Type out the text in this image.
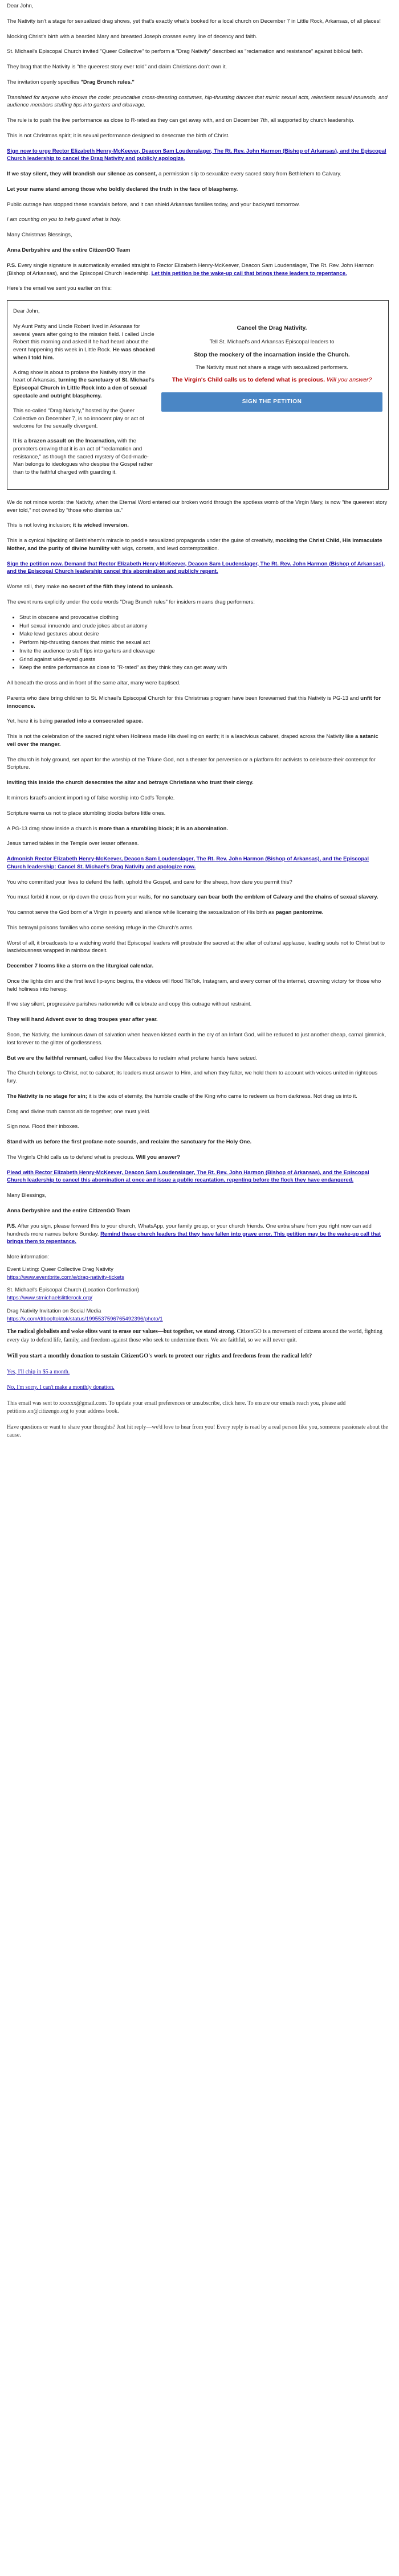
Dear John,

The Nativity isn't a stage for sexualized drag shows, yet that's exactly what's booked for a local church on December 7 in Little Rock, Arkansas, of all places!

Mocking Christ's birth with a bearded Mary and breasted Joseph crosses every line of decency and faith.

St. Michael's Episcopal Church invited "Queer Collective" to perform a "Drag Nativity" described as "reclamation and resistance" against biblical faith.

They brag that the Nativity is "the queerest story ever told" and claim Christians don't own it.

The invitation openly specifies "Drag Brunch rules."

Translated for anyone who knows the code: provocative cross-dressing costumes, hip-thrusting dances that mimic sexual acts, relentless sexual innuendo, and audience members stuffing tips into garters and cleavage.

The rule is to push the live performance as close to R-rated as they can get away with, and on December 7th, all supported by church leadership.

This is not Christmas spirit; it is sexual performance designed to desecrate the birth of Christ.

Sign now to urge Rector Elizabeth Henry-McKeever, Deacon Sam Loudenslager, The Rt. Rev. John Harmon (Bishop of Arkansas), and the Episcopal Church leadership to cancel the Drag Nativity and publicly apologize.

If we stay silent, they will brandish our silence as consent, a permission slip to sexualize every sacred story from Bethlehem to Calvary.

Let your name stand among those who boldly declared the truth in the face of blasphemy.

Public outrage has stopped these scandals before, and it can shield Arkansas families today, and your backyard tomorrow.

I am counting on you to help guard what is holy.

Many Christmas Blessings,

Anna Derbyshire and the entire CitizenGO Team

P.S. Every single signature is automatically emailed straight to Rector Elizabeth Henry-McKeever, Deacon Sam Loudenslager, The Rt. Rev. John Harmon (Bishop of Arkansas), and the Episcopal Church leadership. Let this petition be the wake-up call that brings these leaders to repentance.

Here's the email we sent you earlier on this:

Dear John,

My Aunt Patty and Uncle Robert lived in Arkansas for several years after going to the mission field. I called Uncle Robert this morning and asked if he had heard about the event happening this week in Little Rock. He was shocked when I told him.

A drag show is about to profane the Nativity story in the heart of Arkansas, turning the sanctuary of St. Michael's Episcopal Church in Little Rock into a den of sexual spectacle and outright blasphemy.

This so-called "Drag Nativity," hosted by the Queer Collective on December 7, is no innocent play or act of welcome for the sexually divergent.

It is a brazen assault on the Incarnation, with the promoters crowing that it is an act of "reclamation and resistance," as though the sacred mystery of God-made-Man belongs to ideologues who despise the Gospel rather than to the faithful charged with guarding it.

Cancel the Drag Nativity.
Tell St. Michael's and Arkansas Episcopal leaders to
Stop the mockery of the incarnation inside the Church.
The Nativity must not share a stage with sexualized performers.
The Virgin's Child calls us to defend what is precious. Will you answer?
SIGN THE PETITION

We do not mince words: the Nativity, when the Eternal Word entered our broken world through the spotless womb of the Virgin Mary, is now "the queerest story ever told," not owned by "those who dismiss us."

This is not loving inclusion; it is wicked inversion.

This is a cynical hijacking of Bethlehem's miracle to peddle sexualized propaganda under the guise of creativity, mocking the Christ Child, His Immaculate Mother, and the purity of divine humility with wigs, corsets, and lewd contemptosition.

Sign the petition now. Demand that Rector Elizabeth Henry-McKeever, Deacon Sam Loudenslager, The Rt. Rev. John Harmon (Bishop of Arkansas), and the Episcopal Church leadership cancel this abomination and publicly repent.

Worse still, they make no secret of the filth they intend to unleash.

The event runs explicitly under the code words "Drag Brunch rules" for insiders means drag performers:

• Strut in obscene and provocative clothing
• Hurl sexual innuendo and crude jokes about anatomy
• Make lewd gestures about desire
• Perform hip-thrusting dances that mimic the sexual act
• Invite the audience to stuff tips into garters and cleavage
• Grind against wide-eyed guests
• Keep the entire performance as close to "R-rated" as they think they can get away with

All beneath the cross and in front of the same altar, many were baptised.

Parents who dare bring children to St. Michael's Episcopal Church for this Christmas program have been forewarned that this Nativity is PG-13 and unfit for innocence.

Yet, here it is being paraded into a consecrated space.

This is not the celebration of the sacred night when Holiness made His dwelling on earth; it is a lascivious cabaret, draped across the Nativity like a satanic veil over the manger.

The church is holy ground, set apart for the worship of the Triune God, not a theater for perversion or a platform for activists to celebrate their contempt for Scripture.

Inviting this inside the church desecrates the altar and betrays Christians who trust their clergy.

It mirrors Israel's ancient importing of false worship into God's Temple.

Scripture warns us not to place stumbling blocks before little ones.

A PG-13 drag show inside a church is more than a stumbling block; it is an abomination.

Jesus turned tables in the Temple over lesser offenses.

Admonish Rector Elizabeth Henry-McKeever, Deacon Sam Loudenslager, The Rt. Rev. John Harmon (Bishop of Arkansas), and the Episcopal Church leadership: Cancel St. Michael's Drag Nativity and apologize now.

You who committed your lives to defend the faith, uphold the Gospel, and care for the sheep, how dare you permit this?

You must forbid it now, or rip down the cross from your walls, for no sanctuary can bear both the emblem of Calvary and the chains of sexual slavery.

You cannot serve the God born of a Virgin in poverty and silence while licensing the sexualization of His birth as pagan pantomime.

This betrayal poisons families who come seeking refuge in the Church's arms.

Worst of all, it broadcasts to a watching world that Episcopal leaders will prostrate the sacred at the altar of cultural applause, leading souls not to Christ but to lasciviousness wrapped in rainbow deceit.

December 7 looms like a storm on the liturgical calendar.

Once the lights dim and the first lewd lip-sync begins, the videos will flood TikTok, Instagram, and every corner of the internet, crowning victory for those who held holiness into heresy.

If we stay silent, progressive parishes nationwide will celebrate and copy this outrage without restraint.

They will hand Advent over to drag troupes year after year.

Soon, the Nativity, the luminous dawn of salvation when heaven kissed earth in the cry of an Infant God, will be reduced to just another cheap, carnal gimmick, lost forever to the glitter of godlessness.

But we are the faithful remnant, called like the Maccabees to reclaim what profane hands have seized.

The Church belongs to Christ, not to cabaret; its leaders must answer to Him, and when they falter, we hold them to account with voices united in righteous fury.

The Nativity is no stage for sin; it is the axis of eternity, the humble cradle of the King who came to redeem us from darkness. Not drag us into it.

Drag and divine truth cannot abide together; one must yield.

Sign now. Flood their inboxes.

Stand with us before the first profane note sounds, and reclaim the sanctuary for the Holy One.

The Virgin's Child calls us to defend what is precious. Will you answer?

Plead with Rector Elizabeth Henry-McKeever, Deacon Sam Loudenslager, The Rt. Rev. John Harmon (Bishop of Arkansas), and the Episcopal Church leadership to cancel this abomination at once and issue a public recantation, repenting before the flock they have endangered.

Many Blessings,

Anna Derbyshire and the entire CitizenGO Team

P.S. After you sign, please forward this to your church, WhatsApp, your family group, or your church friends. One extra share from you right now can add hundreds more names before Sunday. Remind these church leaders that they have fallen into grave error. This petition may be the wake-up call that brings them to repentance.

More information:

Event Listing: Queer Collective Drag Nativity
https://www.eventbrite.com/e/drag-nativity-tickets

St. Michael's Episcopal Church (Location Confirmation)
https://www.stmichaelslittlerock.org/

Drag Nativity Invitation on Social Media
https://x.com/dtbooftoktok/status/1995537596765492396/photo/1

The radical globalists and woke elites want to erase our values—but together, we stand strong. CitizenGO is a movement of citizens around the world, fighting every day to defend life, family, and freedom against those who seek to undermine them. We are faithful, so we will never quit.

Will you start a monthly donation to sustain CitizenGO's work to protect our rights and freedoms from the radical left?

Yes, I'll chip in $5 a month.

No, I'm sorry. I can't make a monthly donation.

This email was sent to xxxxxx@gmail.com. To update your email preferences or unsubscribe, click here. To ensure our emails reach you, please add petitions.en@citizengo.org to your address book.

Have questions or want to share your thoughts? Just hit reply—we'd love to hear from you! Every reply is read by a real person like you, someone passionate about the cause.
